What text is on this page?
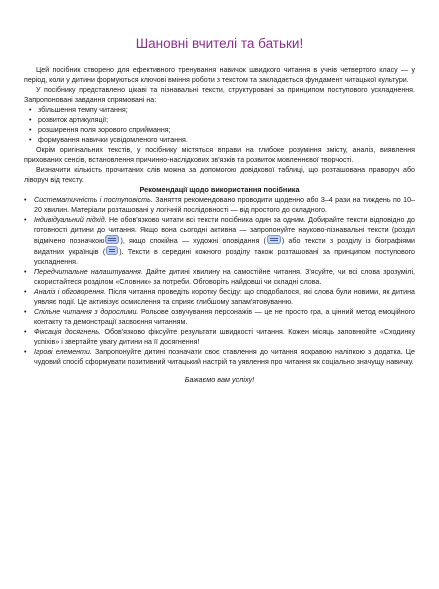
Шановні вчителі та батьки!

Цей посібник створено для ефективного тренування навичок швидкого читання в учнів четвертого класу — у період, коли у дитини формуються ключові вміння роботи з текстом та закладається фундамент читацької культури.

У посібнику представлено цікаві та пізнавальні тексти, структуровані за принципом поступового ускладнення. Запропоновані завдання спрямовані на:

• збільшення темпу читання;
• розвиток артикуляції;
• розширення поля зорового сприймання;
• формування навички усвідомленого читання.

Окрім оригінальних текстів, у посібнику містяться вправи на глибоке розуміння змісту, аналіз, виявлення прихованих сенсів, встановлення причинно-наслідкових зв'язків та розвиток мовленнєвої творчості.

Визначити кількість прочитаних слів можна за допомогою довідкової таблиці, що розташована праворуч або ліворуч від тексту.

Рекомендації щодо використання посібника

• Систематичність і поступовість. Заняття рекомендовано проводити щоденно або 3–4 рази на тиждень по 10–20 хвилин. Матеріали розташовані у логічній послідовності — від простого до складного.
• Індивідуальний підхід. Не обов'язково читати всі тексти посібника один за одним. Добирайте тексти відповідно до готовності дитини до читання. Якщо вона сьогодні активна — запропонуйте науково-пізнавальні тексти (розділ відмічено позначкою ), якщо спокійна — художні оповідання ( ) або тексти з розділу із біографіями видатних українців ( ). Тексти в середині кожного розділу також розташовані за принципом поступового ускладнення.
• Передчитальне налаштування. Дайте дитині хвилину на самостійне читання. З'ясуйте, чи всі слова зрозумілі, скористайтеся розділом «Словник» за потреби. Обговоріть найдовші чи складні слова.
• Аналіз і обговорення. Після читання проведіть коротку бесіду: що сподобалося, які слова були новими, як дитина уявляє події. Це активізує осмислення та сприяє глибшому запам'ятовуванню.
• Спільне читання з дорослими. Рольове озвучування персонажів — це не просто гра, а цінний метод емоційного контакту та демонстрації засвоєння читанням.
• Фіксація досягнень. Обов'язково фіксуйте результати швидкості читання. Кожен місяць заповнюйте «Сходинку успіхів» і звертайте увагу дитини на її досягнення!
• Ігрові елементи. Запропонуйте дитині позначати своє ставлення до читання яскравою наліпкою з додатка. Це чудовий спосіб сформувати позитивний читацький настрій та уявлення про читання як соціально значущу навичку.

Бажаємо вам успіху!
